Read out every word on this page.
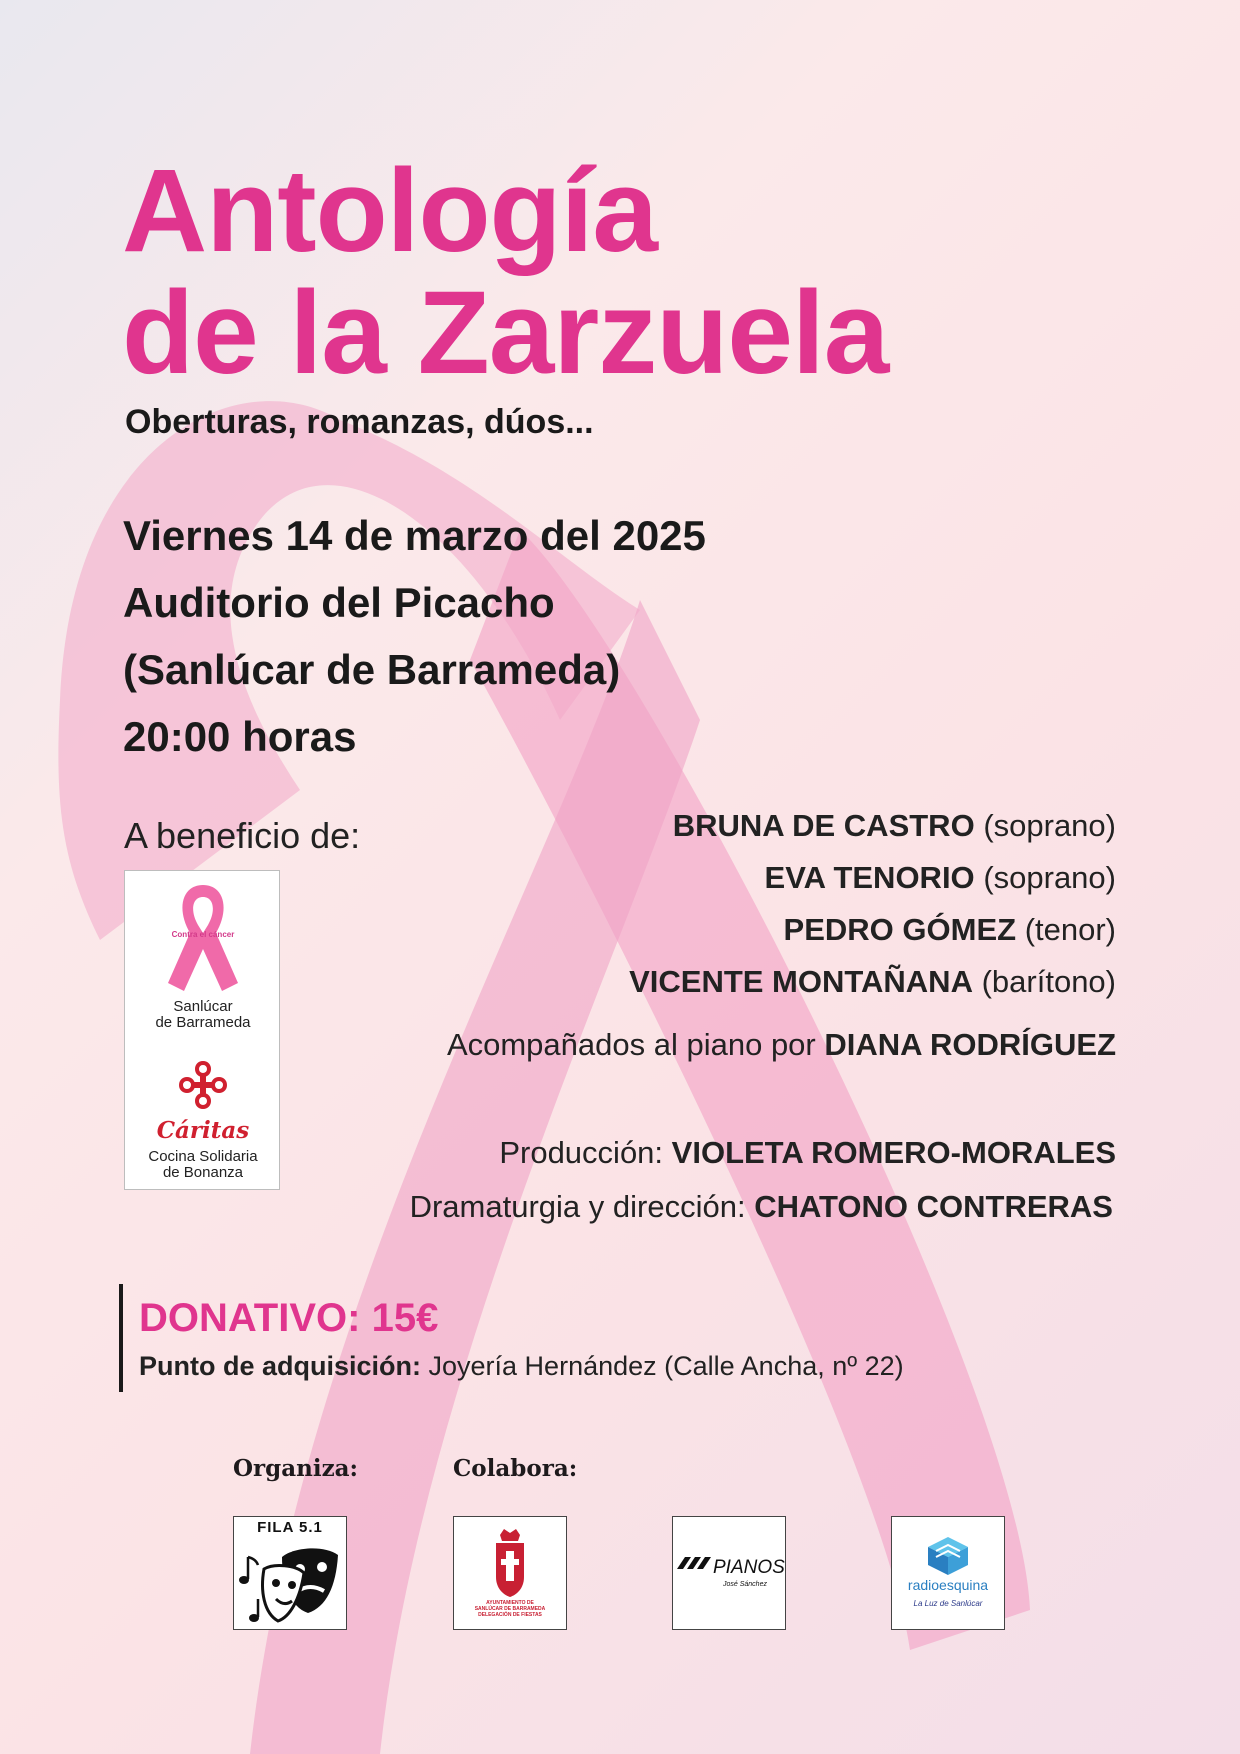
Antología
de la Zarzuela
Oberturas, romanzas, dúos...
Viernes 14 de marzo del 2025
Auditorio del Picacho
(Sanlúcar de Barrameda)
20:00 horas
A beneficio de:
Contra el cáncer
Sanlúcar
de Barrameda
Cáritas
Cocina Solidaria
de Bonanza
BRUNA DE CASTRO (soprano)
EVA TENORIO (soprano)
PEDRO GÓMEZ (tenor)
VICENTE MONTAÑANA (barítono)
Acompañados al piano por DIANA RODRÍGUEZ
Producción: VIOLETA ROMERO-MORALES
Dramaturgia y dirección: CHATONO CONTRERAS
DONATIVO: 15€
Punto de adquisición: Joyería Hernández (Calle Ancha, nº 22)
Organiza:	Colabora:
FILA 5.1
AYUNTAMIENTO DE
SANLÚCAR DE BARRAMEDA
DELEGACIÓN DE FIESTAS
PIANOS
José Sánchez	radioesquina
La Luz de Sanlúcar
